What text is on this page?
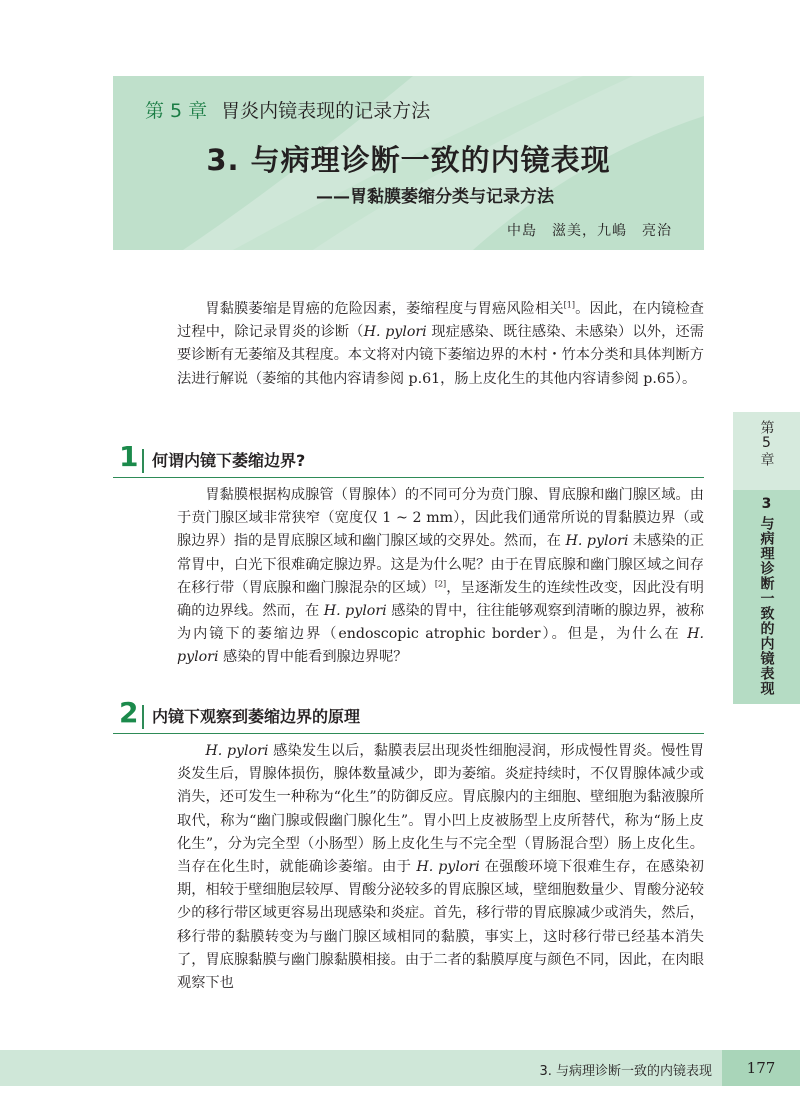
第 5 章 胃炎内镜表现的记录方法
3. 与病理诊断一致的内镜表现
——胃黏膜萎缩分类与记录方法
中島　滋美，九嶋　亮治

胃黏膜萎缩是胃癌的危险因素，萎缩程度与胃癌风险相关[1]。因此，在内镜检查过程中，除记录胃炎的诊断（H. pylori 现症感染、既往感染、未感染）以外，还需要诊断有无萎缩及其程度。本文将对内镜下萎缩边界的木村・竹本分类和具体判断方法进行解说（萎缩的其他内容请参阅 p.61，肠上皮化生的其他内容请参阅 p.65）。

1 何谓内镜下萎缩边界?

胃黏膜根据构成腺管（胃腺体）的不同可分为贲门腺、胃底腺和幽门腺区域。由于贲门腺区域非常狭窄（宽度仅 1 ~ 2 mm），因此我们通常所说的胃黏膜边界（或腺边界）指的是胃底腺区域和幽门腺区域的交界处。然而，在 H. pylori 未感染的正常胃中，白光下很难确定腺边界。这是为什么呢？由于在胃底腺和幽门腺区域之间存在移行带（胃底腺和幽门腺混杂的区域）[2]，呈逐渐发生的连续性改变，因此没有明确的边界线。然而，在 H. pylori 感染的胃中，往往能够观察到清晰的腺边界，被称为内镜下的萎缩边界（endoscopic atrophic border）。但是，为什么在 H. pylori 感染的胃中能看到腺边界呢？

2 内镜下观察到萎缩边界的原理

H. pylori 感染发生以后，黏膜表层出现炎性细胞浸润，形成慢性胃炎。慢性胃炎发生后，胃腺体损伤，腺体数量减少，即为萎缩。炎症持续时，不仅胃腺体减少或消失，还可发生一种称为“化生”的防御反应。胃底腺内的主细胞、壁细胞为黏液腺所取代，称为“幽门腺或假幽门腺化生”。胃小凹上皮被肠型上皮所替代，称为“肠上皮化生”，分为完全型（小肠型）肠上皮化生与不完全型（胃肠混合型）肠上皮化生。当存在化生时，就能确诊萎缩。由于 H. pylori 在强酸环境下很难生存，在感染初期，相较于壁细胞层较厚、胃酸分泌较多的胃底腺区域，壁细胞数量少、胃酸分泌较少的移行带区域更容易出现感染和炎症。首先，移行带的胃底腺减少或消失，然后，移行带的黏膜转变为与幽门腺区域相同的黏膜，事实上，这时移行带已经基本消失了，胃底腺黏膜与幽门腺黏膜相接。由于二者的黏膜厚度与颜色不同，因此，在肉眼观察下也

第5章
3
与病理诊断一致的内镜表现
3. 与病理诊断一致的内镜表现	177
